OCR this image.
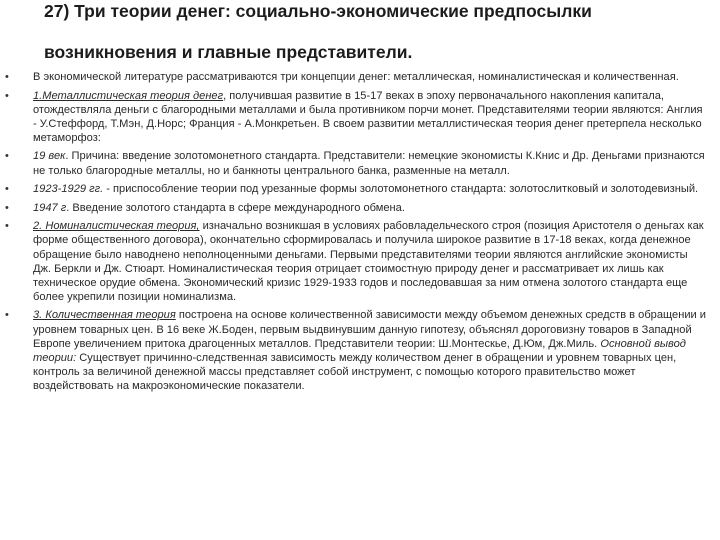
27) Три теории денег: социально-экономические предпосылки
возникновения и главные представители.
• В экономической литературе рассматриваются три концепции денег: металлическая, номиналистическая и количественная.
• 1.Металлистическая теория денег, получившая развитие в 15-17 веках в эпоху первоначального накопления капитала, отождествляла деньги с благородными металлами и была противником порчи монет. Представителями теории являются: Англия - У.Стеффорд, Т.Мэн, Д.Норс; Франция - А.Монкретьен. В своем развитии металлистическая теория денег претерпела несколько метаморфоз:
• 19 век. Причина: введение золотомонетного стандарта. Представители: немецкие экономисты К.Книс и Др. Деньгами признаются не только благородные металлы, но и банкноты центрального банка, разменные на металл.
• 1923-1929 гг. - приспособление теории под урезанные формы золотомонетного стандарта: золотослитковый и золотодевизный.
• 1947 г. Введение золотого стандарта в сфере международного обмена.
• 2. Номиналистическая теория, изначально возникшая в условиях рабовладельческого строя (позиция Аристотеля о деньгах как форме общественного договора), окончательно сформировалась и получила широкое развитие в 17-18 веках, когда денежное обращение было наводнено неполноценными деньгами. Первыми представителями теории являются английские экономисты Дж. Беркли и Дж. Стюарт. Номиналистическая теория отрицает стоимостную природу денег и рассматривает их лишь как техническое орудие обмена. Экономический кризис 1929-1933 годов и последовавшая за ним отмена золотого стандарта еще более укрепили позиции номинализма.
• 3. Количественная теория построена на основе количественной зависимости между объемом денежных средств в обращении и уровнем товарных цен. В 16 веке Ж.Боден, первым выдвинувшим данную гипотезу, объяснял дороговизну товаров в Западной Европе увеличением притока драгоценных металлов. Представители теории: Ш.Монтескье, Д.Юм, Дж.Миль. Основной вывод теории: Существует причинно-следственная зависимость между количеством денег в обращении и уровнем товарных цен, контроль за величиной денежной массы представляет собой инструмент, с помощью которого правительство может воздействовать на макроэкономические показатели.
